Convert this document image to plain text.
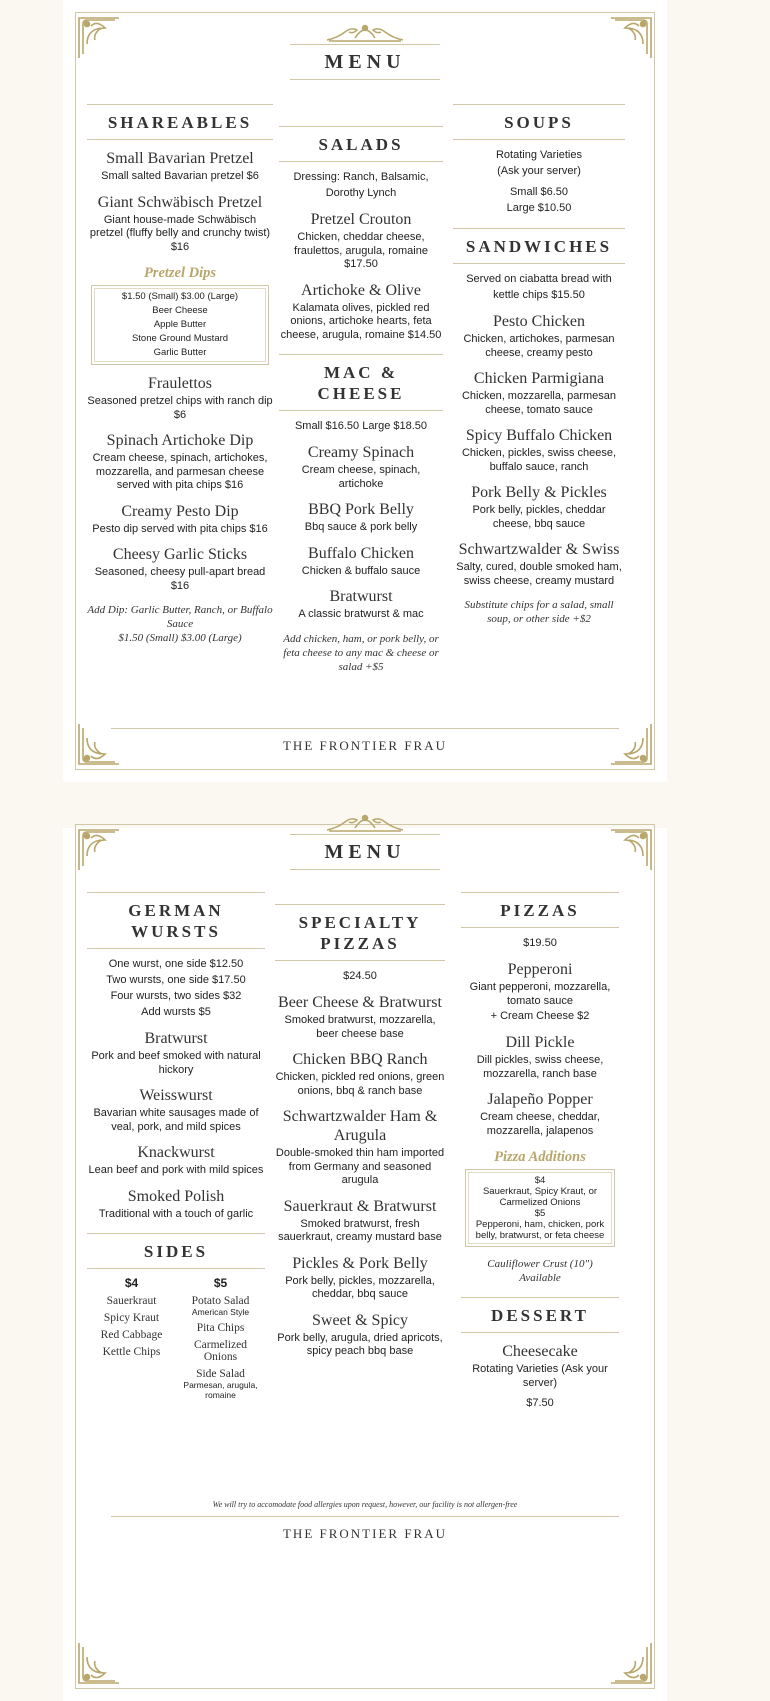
MENU
SHAREABLES
Small Bavarian Pretzel
Small salted Bavarian pretzel $6
Giant Schwäbisch Pretzel
Giant house-made Schwäbisch pretzel (fluffy belly and crunchy twist) $16
Pretzel Dips
$1.50 (Small) $3.00 (Large)
Beer Cheese
Apple Butter
Stone Ground Mustard
Garlic Butter
Fraulettos
Seasoned pretzel chips with ranch dip $6
Spinach Artichoke Dip
Cream cheese, spinach, artichokes, mozzarella, and parmesan cheese served with pita chips $16
Creamy Pesto Dip
Pesto dip served with pita chips $16
Cheesy Garlic Sticks
Seasoned, cheesy pull-apart bread $16
Add Dip: Garlic Butter, Ranch, or Buffalo Sauce
$1.50 (Small) $3.00 (Large)
SALADS
Dressing: Ranch, Balsamic, Dorothy Lynch
Pretzel Crouton
Chicken, cheddar cheese, fraulettos, arugula, romaine $17.50
Artichoke & Olive
Kalamata olives, pickled red onions, artichoke hearts, feta cheese, arugula, romaine $14.50
MAC & CHEESE
Small $16.50 Large $18.50
Creamy Spinach
Cream cheese, spinach, artichoke
BBQ Pork Belly
Bbq sauce & pork belly
Buffalo Chicken
Chicken & buffalo sauce
Bratwurst
A classic bratwurst & mac
Add chicken, ham, or pork belly, or feta cheese to any mac & cheese or salad +$5
SOUPS
Rotating Varieties
(Ask your server)
Small $6.50
Large $10.50
SANDWICHES
Served on ciabatta bread with kettle chips $15.50
Pesto Chicken
Chicken, artichokes, parmesan cheese, creamy pesto
Chicken Parmigiana
Chicken, mozzarella, parmesan cheese, tomato sauce
Spicy Buffalo Chicken
Chicken, pickles, swiss cheese, buffalo sauce, ranch
Pork Belly & Pickles
Pork belly, pickles, cheddar cheese, bbq sauce
Schwartzwalder & Swiss
Salty, cured, double smoked ham, swiss cheese, creamy mustard
Substitute chips for a salad, small soup, or other side +$2
THE FRONTIER FRAU
MENU
GERMAN WURSTS
One wurst, one side $12.50
Two wursts, one side $17.50
Four wursts, two sides $32
Add wursts $5
Bratwurst
Pork and beef smoked with natural hickory
Weisswurst
Bavarian white sausages made of veal, pork, and mild spices
Knackwurst
Lean beef and pork with mild spices
Smoked Polish
Traditional with a touch of garlic
SIDES
$4
Sauerkraut
Spicy Kraut
Red Cabbage
Kettle Chips
$5
Potato Salad
American Style
Pita Chips
Carmelized Onions
Side Salad
Parmesan, arugula, romaine
SPECIALTY PIZZAS
$24.50
Beer Cheese & Bratwurst
Smoked bratwurst, mozzarella, beer cheese base
Chicken BBQ Ranch
Chicken, pickled red onions, green onions, bbq & ranch base
Schwartzwalder Ham & Arugula
Double-smoked thin ham imported from Germany and seasoned arugula
Sauerkraut & Bratwurst
Smoked bratwurst, fresh sauerkraut, creamy mustard base
Pickles & Pork Belly
Pork belly, pickles, mozzarella, cheddar, bbq sauce
Sweet & Spicy
Pork belly, arugula, dried apricots, spicy peach bbq base
PIZZAS
$19.50
Pepperoni
Giant pepperoni, mozzarella, tomato sauce
+ Cream Cheese $2
Dill Pickle
Dill pickles, swiss cheese, mozzarella, ranch base
Jalapeño Popper
Cream cheese, cheddar, mozzarella, jalapenos
Pizza Additions
$4
Sauerkraut, Spicy Kraut, or Carmelized Onions
$5
Pepperoni, ham, chicken, pork belly, bratwurst, or feta cheese
Cauliflower Crust (10")
Available
DESSERT
Cheesecake
Rotating Varieties (Ask your server)
$7.50
We will try to accomodate food allergies upon request, however, our facility is not allergen-free
THE FRONTIER FRAU
